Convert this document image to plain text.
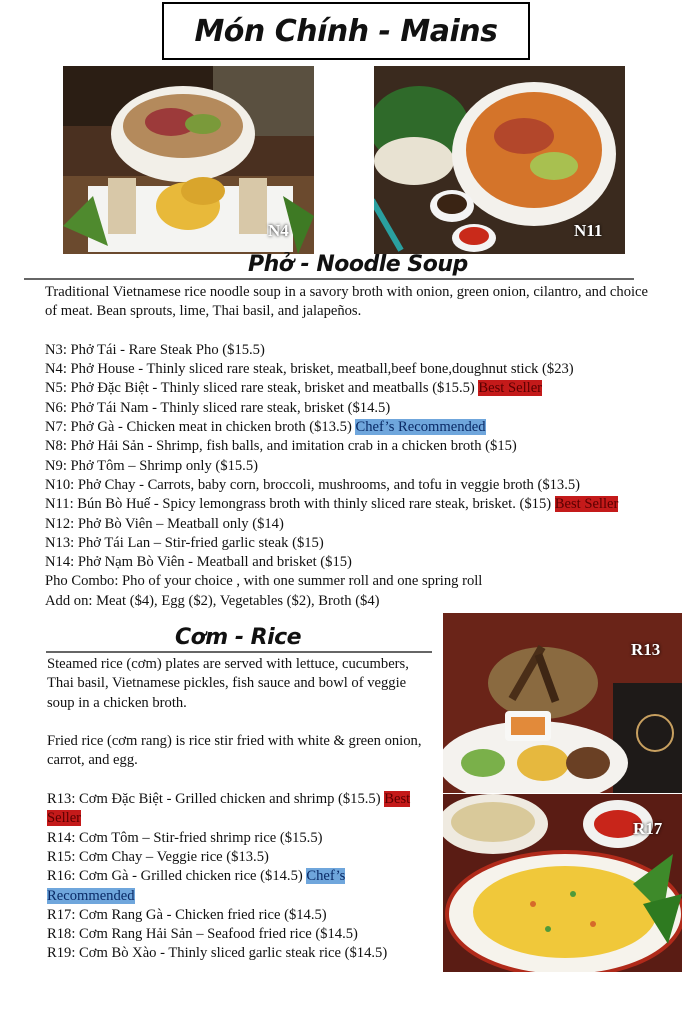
Món Chính - Mains
N4	N11
Phở - Noodle Soup

Traditional Vietnamese rice noodle soup in a savory broth with onion, green onion, cilantro, and choice of meat. Bean sprouts, lime, Thai basil, and jalapeños.

N3: Phở Tái - Rare Steak Pho ($15.5)

N4: Phở House - Thinly sliced rare steak, brisket, meatball,beef bone,doughnut stick ($23)

N5: Phở Đặc Biệt - Thinly sliced rare steak, brisket and meatballs ($15.5) Best Seller

N6: Phở Tái Nam - Thinly sliced rare steak, brisket ($14.5)

N7: Phở Gà - Chicken meat in chicken broth ($13.5) Chef’s Recommended

N8: Phở Hải Sản - Shrimp, fish balls, and imitation crab in a chicken broth ($15)

N9: Phở Tôm – Shrimp only ($15.5)

N10: Phở Chay - Carrots, baby corn, broccoli, mushrooms, and tofu in veggie broth ($13.5)

N11: Bún Bò Huế - Spicy lemongrass broth with thinly sliced rare steak, brisket. ($15) Best Seller

N12: Phở Bò Viên – Meatball only ($14)

N13: Phở Tái Lan – Stir-fried garlic steak ($15)

N14: Phở Nạm Bò Viên - Meatball and brisket ($15)

Pho Combo: Pho of your choice , with one summer roll and one spring roll

Add on: Meat ($4), Egg ($2), Vegetables ($2), Broth ($4)

Cơm - Rice

Steamed rice (cơm) plates are served with lettuce, cucumbers, Thai basil, Vietnamese pickles, fish sauce and bowl of veggie soup in a chicken broth.

Fried rice (cơm rang) is rice stir fried with white & green onion, carrot, and egg.

R13: Cơm Đặc Biệt - Grilled chicken and shrimp ($15.5) Best Seller

R14: Cơm Tôm – Stir-fried shrimp rice ($15.5)

R15: Cơm Chay – Veggie rice ($13.5)

R16: Cơm Gà - Grilled chicken rice ($14.5) Chef’s Recommended

R17: Cơm Rang Gà - Chicken fried rice ($14.5)

R18: Cơm Rang Hải Sản – Seafood fried rice ($14.5)

R19: Cơm Bò Xào - Thinly sliced garlic steak rice ($14.5)

R13
R17
